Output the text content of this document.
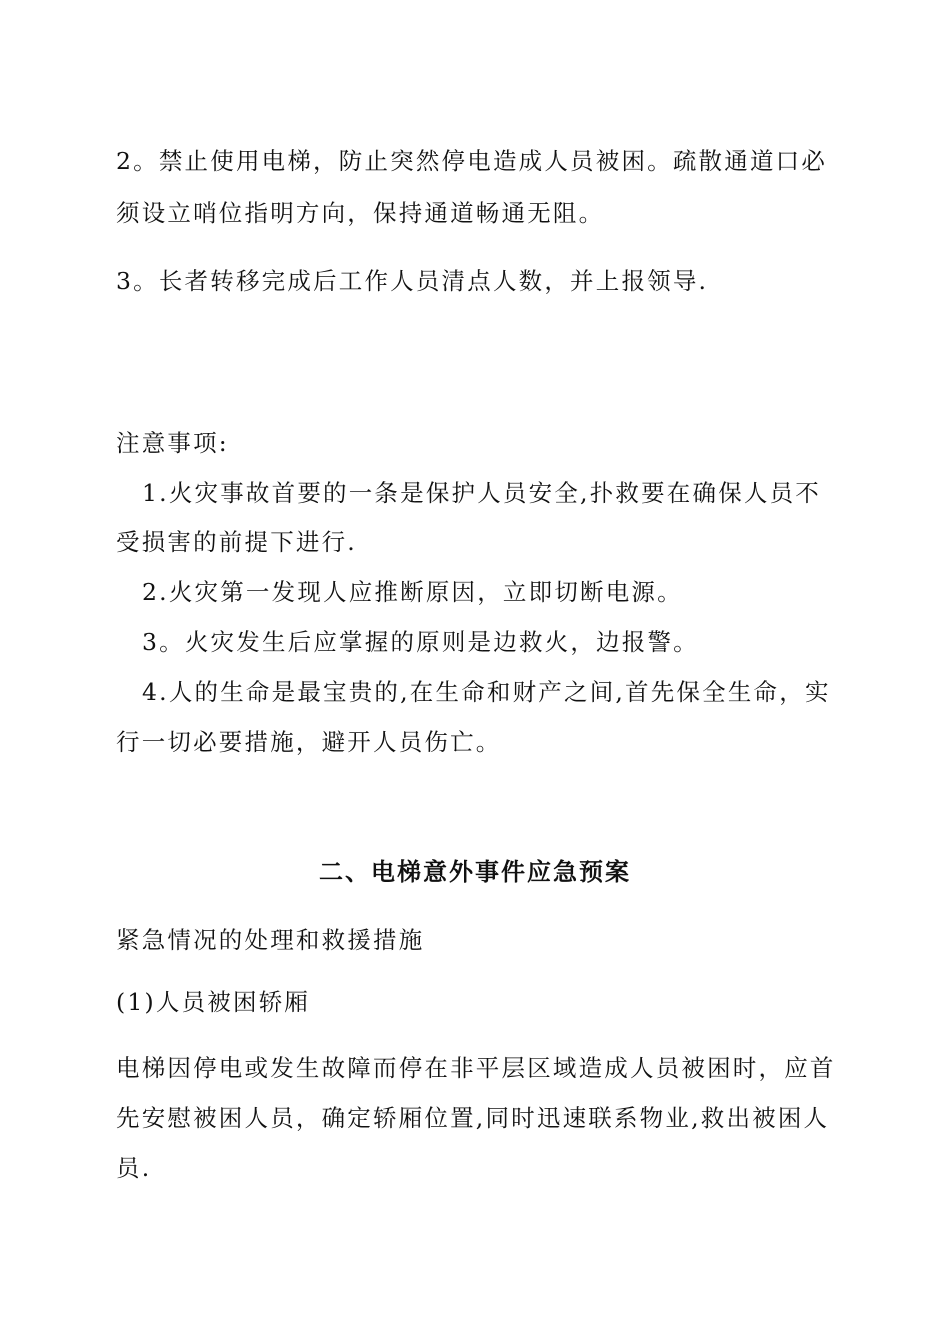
2。禁止使用电梯，防止突然停电造成人员被困。疏散通道口必
须设立哨位指明方向，保持通道畅通无阻。
3。长者转移完成后工作人员清点人数，并上报领导.
注意事项:
1.火灾事故首要的一条是保护人员安全,扑救要在确保人员不
受损害的前提下进行.
2.火灾第一发现人应推断原因，立即切断电源。
3。火灾发生后应掌握的原则是边救火，边报警。
4.人的生命是最宝贵的,在生命和财产之间,首先保全生命，实
行一切必要措施，避开人员伤亡。
二、电梯意外事件应急预案
紧急情况的处理和救援措施
(1)人员被困轿厢
电梯因停电或发生故障而停在非平层区域造成人员被困时，应首
先安慰被困人员，确定轿厢位置,同时迅速联系物业,救出被困人
员.
